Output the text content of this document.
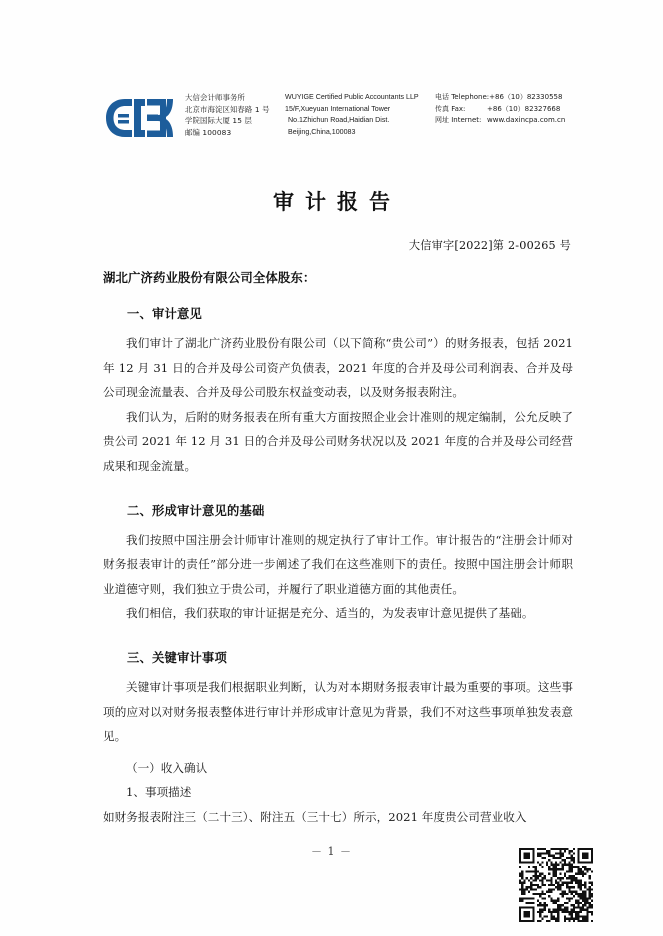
大信会计师事务所
北京市海淀区知春路 1 号
学院国际大厦 15 层
邮编 100083
WUYIGE Certified Public Accountants LLP
15/F,Xueyuan International Tower
No.1Zhichun Road,Haidian Dist.
Beijing,China,100083
电话 Telephone:+86（10）82330558
传真 Fax:	+86（10）82327668
网址 Internet: www.daxincpa.com.cn
审计报告
大信审字[2022]第 2-00265 号
湖北广济药业股份有限公司全体股东：
一、审计意见

我们审计了湖北广济药业股份有限公司（以下简称“贵公司”）的财务报表，包括 2021 年 12 月 31 日的合并及母公司资产负债表，2021 年度的合并及母公司利润表、合并及母公司现金流量表、合并及母公司股东权益变动表，以及财务报表附注。

我们认为，后附的财务报表在所有重大方面按照企业会计准则的规定编制，公允反映了贵公司 2021 年 12 月 31 日的合并及母公司财务状况以及 2021 年度的合并及母公司经营成果和现金流量。

二、形成审计意见的基础

我们按照中国注册会计师审计准则的规定执行了审计工作。审计报告的“注册会计师对财务报表审计的责任”部分进一步阐述了我们在这些准则下的责任。按照中国注册会计师职业道德守则，我们独立于贵公司，并履行了职业道德方面的其他责任。

我们相信，我们获取的审计证据是充分、适当的，为发表审计意见提供了基础。

三、关键审计事项

关键审计事项是我们根据职业判断，认为对本期财务报表审计最为重要的事项。这些事项的应对以对财务报表整体进行审计并形成审计意见为背景，我们不对这些事项单独发表意见。

（一）收入确认

1、事项描述

如财务报表附注三（二十三）、附注五（三十七）所示，2021 年度贵公司营业收入

－ 1 －
